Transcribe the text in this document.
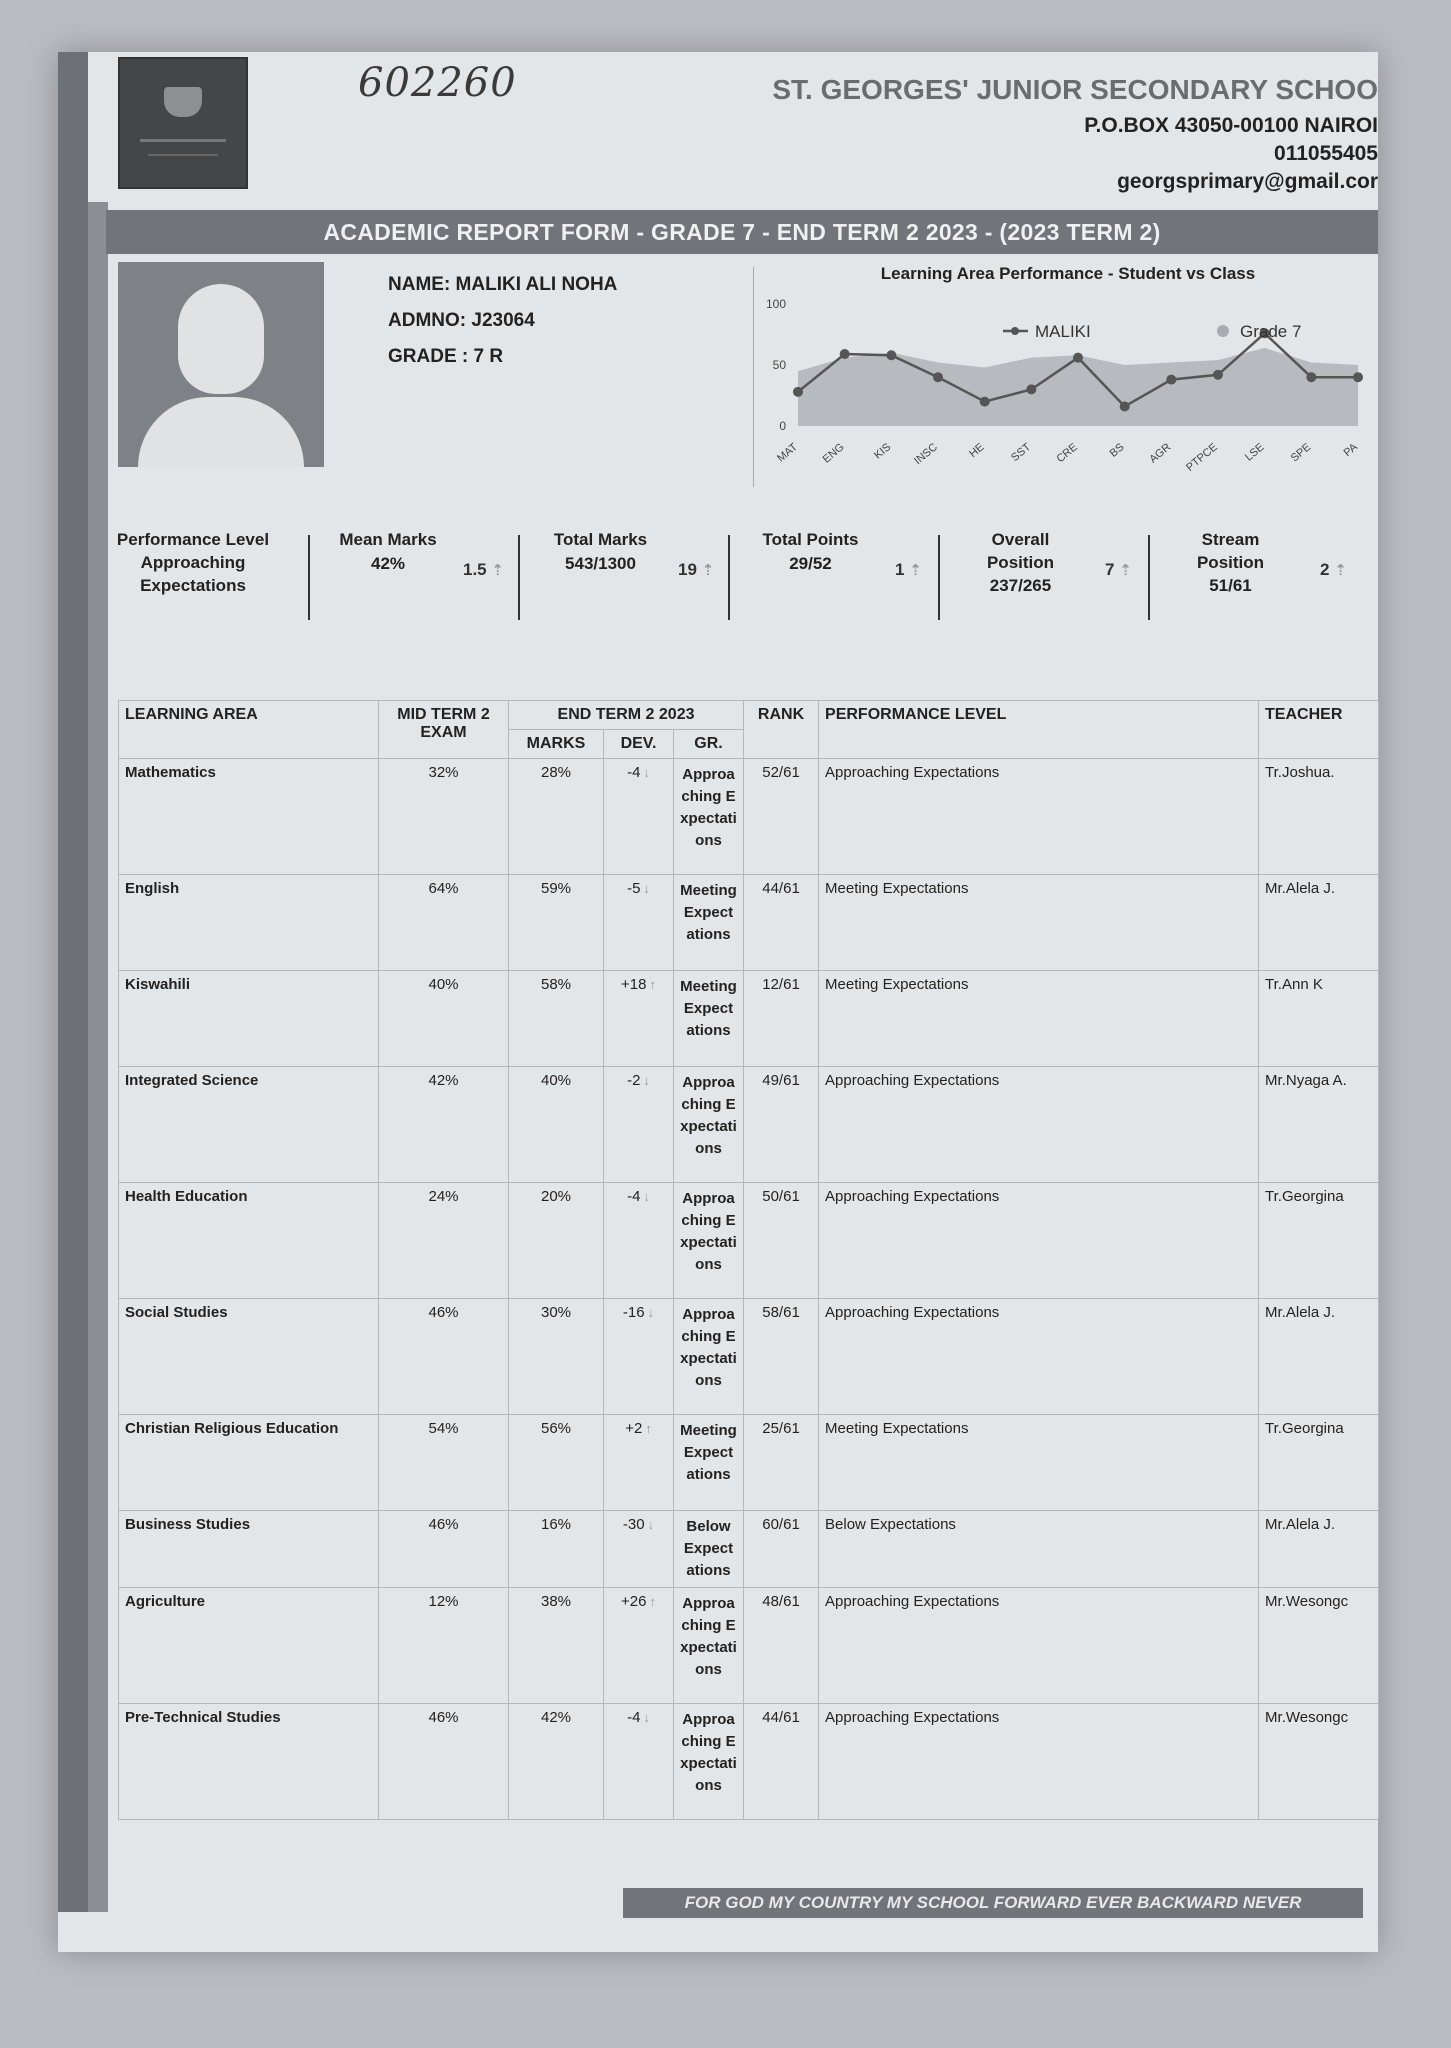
602260	ST. GEORGES' JUNIOR SECONDARY SCHOO
P.O.BOX 43050-00100 NAIROI
011055405
georgsprimary@gmail.cor
ACADEMIC REPORT FORM - GRADE 7 - END TERM 2 2023 - (2023 TERM 2)
NAME: MALIKI ALI NOHA
ADMNO: J23064
GRADE : 7 R
Learning Area Performance - Student vs Class
0
50
100
MAT ENG KIS INSC HE SST CRE	BS AGR PTPCE LSE SPE	PA
MALIKI	Grade 7
Performance Level
Approaching
Expectations
Mean Marks
42%	1.5 ⇡
Total Marks
543/1300	19 ⇡
Total Points
29/52	1 ⇡
Overall
Position
237/265
7 ⇡
Stream
Position
51/61
2 ⇡
LEARNING AREA	MID TERM 2 EXAM	END TERM 2 2023			RANK	PERFORMANCE LEVEL	TEACHER
		MARKS	DEV.	GR.			
Mathematics	32%	28%	-4 ↓	Approaching Expectations	52/61	Approaching Expectations	Tr.Joshua.
English	64%	59%	-5 ↓	Meeting Expectations	44/61	Meeting Expectations	Mr.Alela J.
Kiswahili	40%	58%	+18 ↑	Meeting Expectations	12/61	Meeting Expectations	Tr.Ann K
Integrated Science	42%	40%	-2 ↓	Approaching Expectations	49/61	Approaching Expectations	Mr.Nyaga A.
Health Education	24%	20%	-4 ↓	Approaching Expectations	50/61	Approaching Expectations	Tr.Georgina
Social Studies	46%	30%	-16 ↓	Approaching Expectations	58/61	Approaching Expectations	Mr.Alela J.
Christian Religious Education	54%	56%	+2 ↑	Meeting Expectations	25/61	Meeting Expectations	Tr.Georgina
Business Studies	46%	16%	-30 ↓	Below Expectations	60/61	Below Expectations	Mr.Alela J.
Agriculture	12%	38%	+26 ↑	Approaching Expectations	48/61	Approaching Expectations	Mr.Wesongc
Pre-Technical Studies	46%	42%	-4 ↓	Approaching Expectations	44/61	Approaching Expectations	Mr.Wesongc
FOR GOD MY COUNTRY MY SCHOOL FORWARD EVER BACKWARD NEVER
